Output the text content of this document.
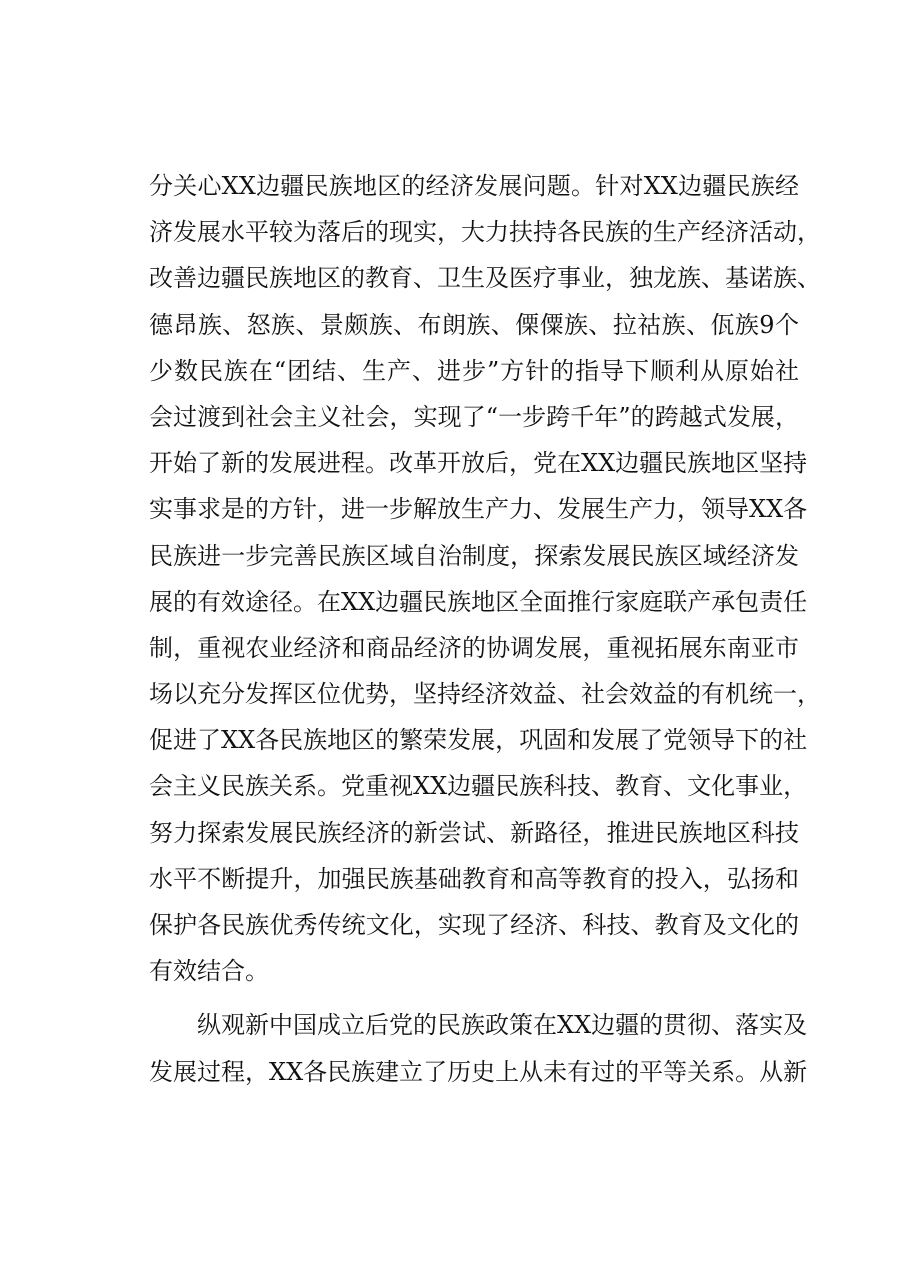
分关心XX边疆民族地区的经济发展问题。针对XX边疆民族经
济发展水平较为落后的现实，大力扶持各民族的生产经济活动，
改善边疆民族地区的教育、卫生及医疗事业，独龙族、基诺族、
德昂族、怒族、景颇族、布朗族、傈僳族、拉祜族、佤族9个
少数民族在“团结、生产、进步”方针的指导下顺利从原始社
会过渡到社会主义社会，实现了“一步跨千年”的跨越式发展，
开始了新的发展进程。改革开放后，党在XX边疆民族地区坚持
实事求是的方针，进一步解放生产力、发展生产力，领导XX各
民族进一步完善民族区域自治制度，探索发展民族区域经济发
展的有效途径。在XX边疆民族地区全面推行家庭联产承包责任
制，重视农业经济和商品经济的协调发展，重视拓展东南亚市
场以充分发挥区位优势，坚持经济效益、社会效益的有机统一，
促进了XX各民族地区的繁荣发展，巩固和发展了党领导下的社
会主义民族关系。党重视XX边疆民族科技、教育、文化事业，
努力探索发展民族经济的新尝试、新路径，推进民族地区科技
水平不断提升，加强民族基础教育和高等教育的投入，弘扬和
保护各民族优秀传统文化，实现了经济、科技、教育及文化的
有效结合。
　　纵观新中国成立后党的民族政策在XX边疆的贯彻、落实及
发展过程，XX各民族建立了历史上从未有过的平等关系。从新
